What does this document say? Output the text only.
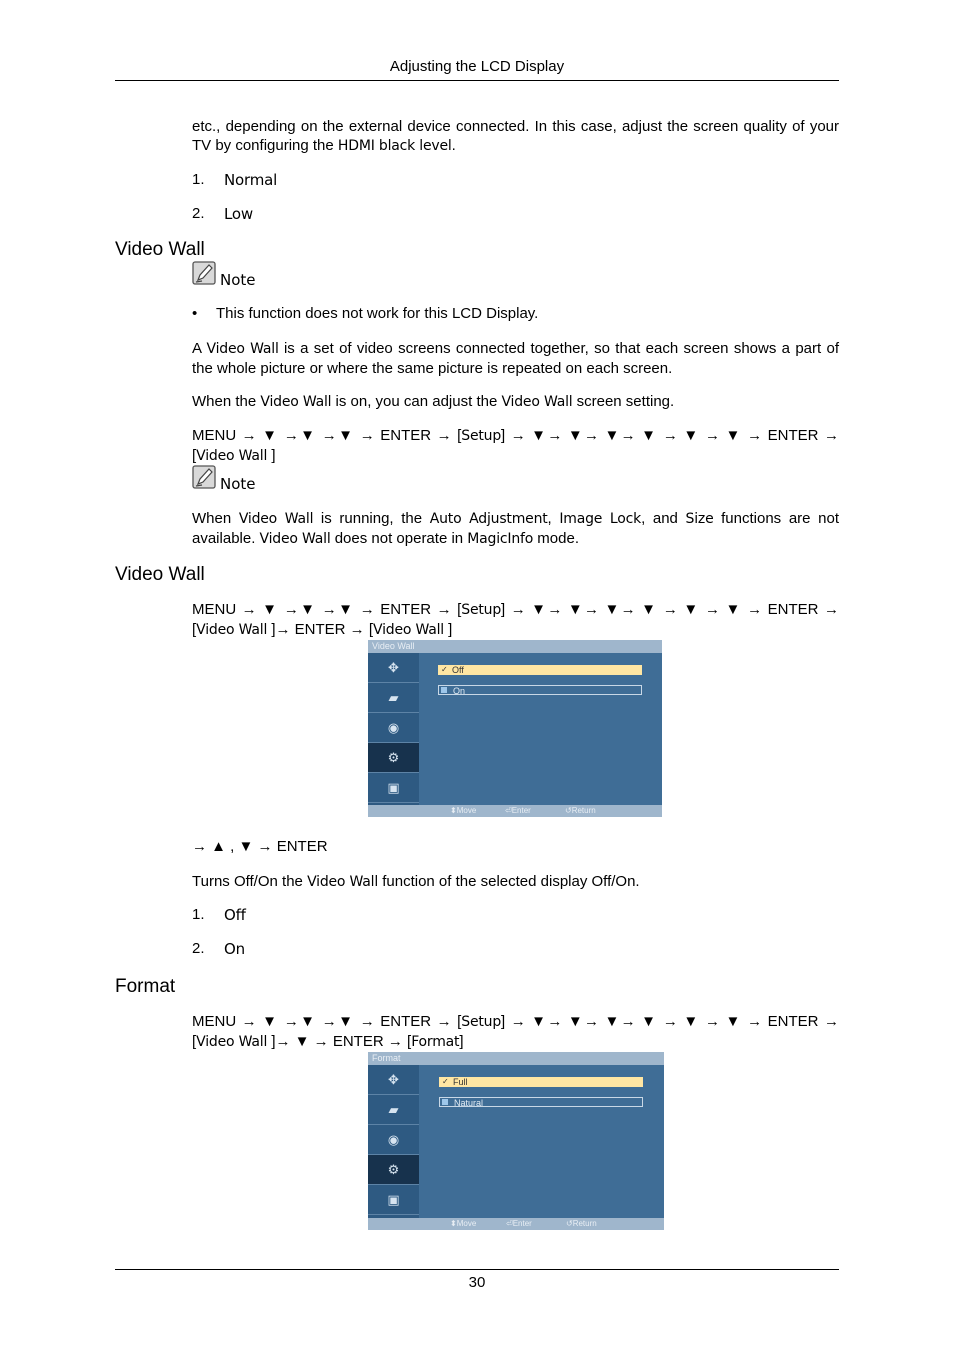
Adjusting the LCD Display
etc., depending on the external device connected. In this case, adjust the screen quality of your TV by configuring the HDMI black level.
1. Normal
2. Low
Video Wall
Note
• This function does not work for this LCD Display.
A Video Wall is a set of video screens connected together, so that each screen shows a part of the whole picture or where the same picture is repeated on each screen.
When the Video Wall is on, you can adjust the Video Wall screen setting.
MENU → ▼ →▼ →▼ → ENTER → [Setup] → ▼→ ▼→ ▼→ ▼ → ▼ → ▼ → ENTER → [Video Wall ]
Note
When Video Wall is running, the Auto Adjustment, Image Lock, and Size functions are not available. Video Wall does not operate in MagicInfo mode.
Video Wall
MENU → ▼ →▼ →▼ → ENTER → [Setup] → ▼→ ▼→ ▼→ ▼ → ▼ → ▼ → ENTER → [Video Wall ]→ ENTER → [Video Wall ]
Video Wall
✥
▰
◉
⚙
▣
✓ Off
On
⬍ Move	⏎ Enter	↺ Return
→ ▲ , ▼ → ENTER
Turns Off/On the Video Wall function of the selected display Off/On.
1. Off
2. On
Format
MENU → ▼ →▼ →▼ → ENTER → [Setup] → ▼→ ▼→ ▼→ ▼ → ▼ → ▼ → ENTER → [Video Wall ]→ ▼ → ENTER → [Format]
Format
✥
▰
◉
⚙
▣
✓ Full
Natural
⬍ Move	⏎ Enter	↺ Return
30
